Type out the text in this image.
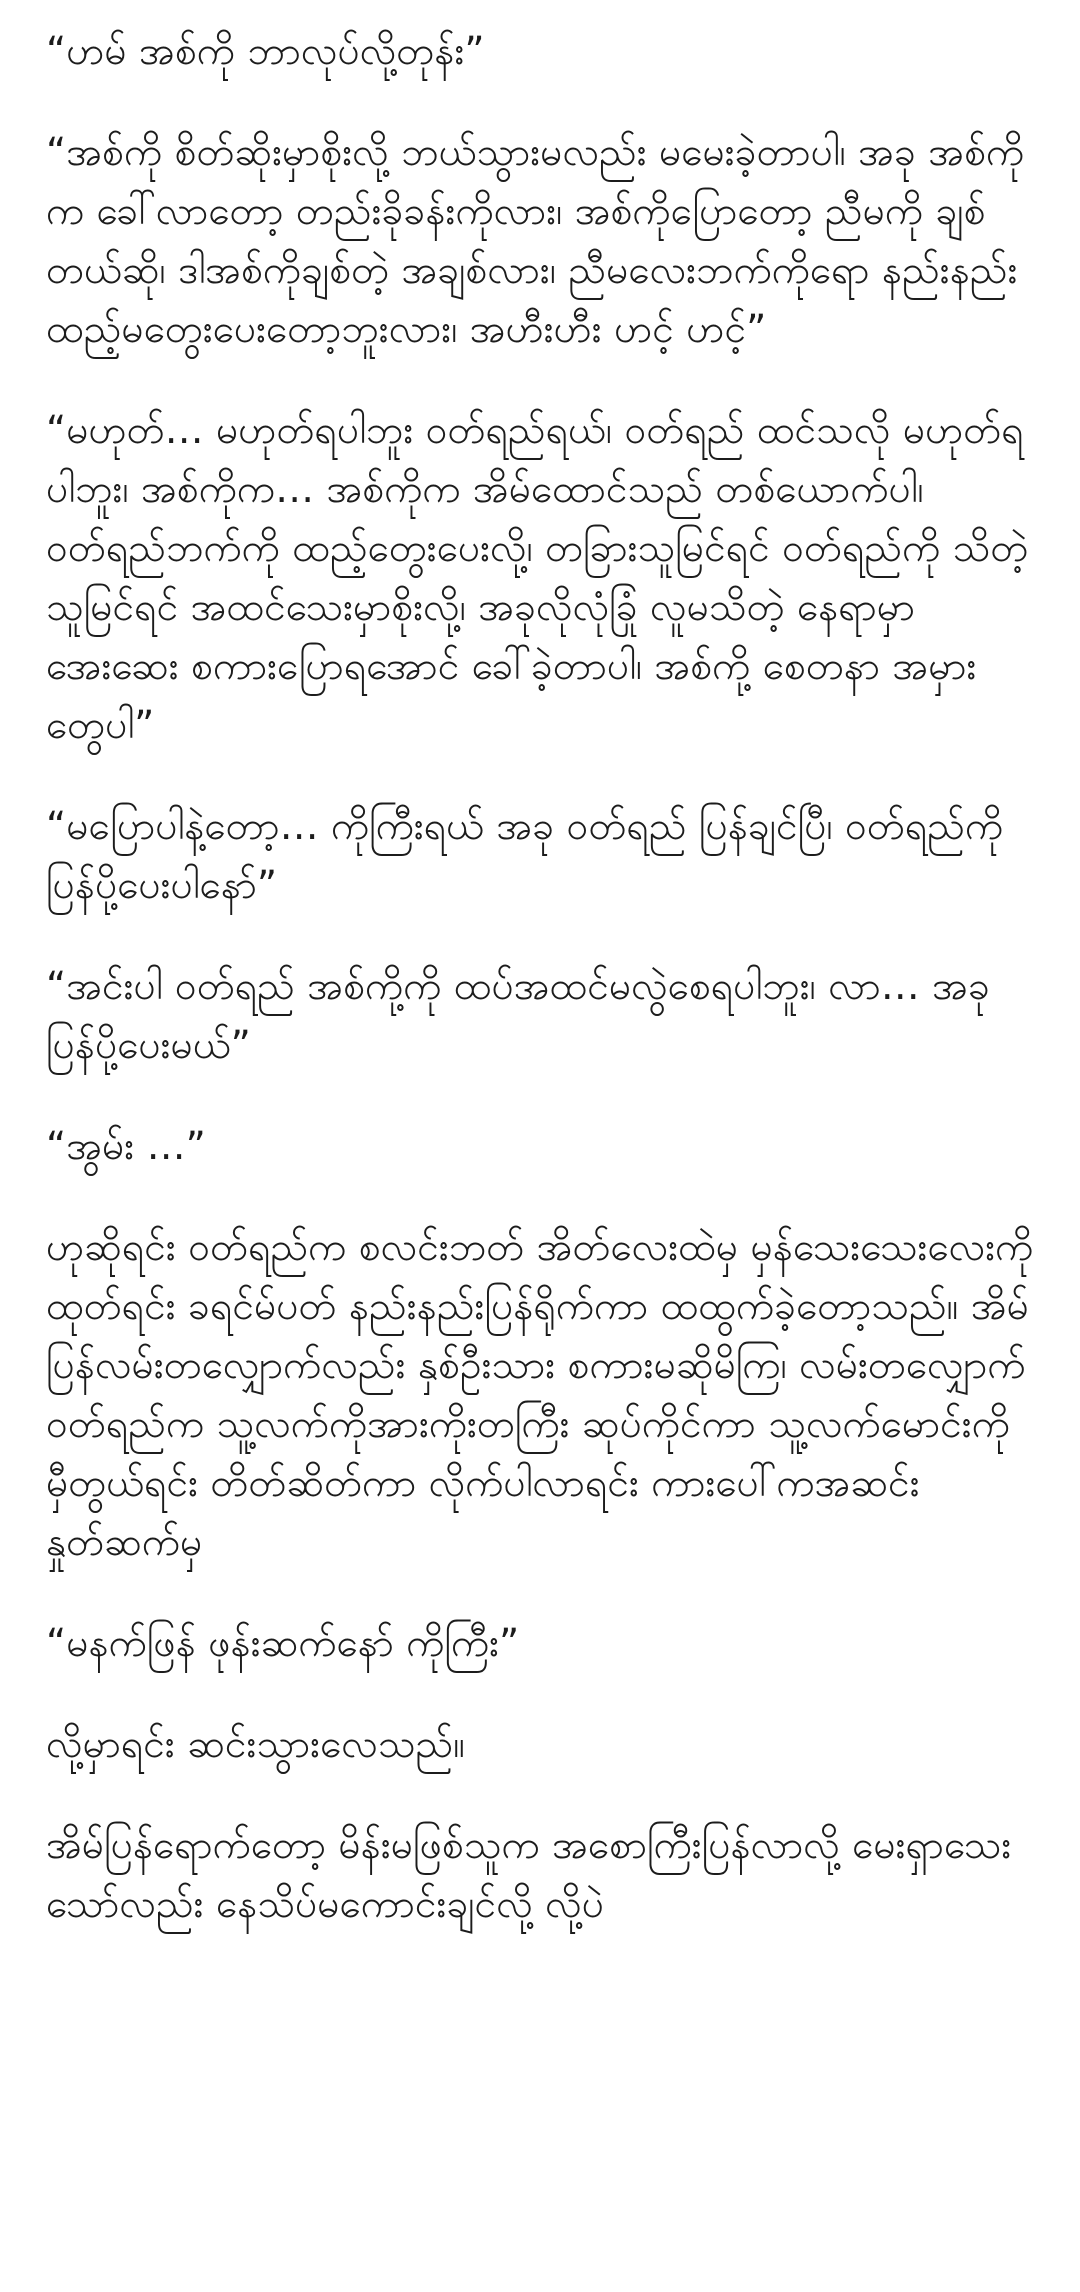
“ဟမ် အစ်ကို ဘာလုပ်လို့တုန်း”

“အစ်ကို စိတ်ဆိုးမှာစိုးလို့ ဘယ်သွားမလည်း မမေးခဲ့တာပါ၊ အခု အစ်ကိုက ခေါ်လာတော့ တည်းခိုခန်းကိုလား၊ အစ်ကိုပြောတော့ ညီမကို ချစ်တယ်ဆို၊ ဒါအစ်ကိုချစ်တဲ့ အချစ်လား၊ ညီမလေးဘက်ကိုရော နည်းနည်း ထည့်မတွေးပေးတော့ဘူးလား၊ အဟီးဟီး ဟင့် ဟင့်”

“မဟုတ်… မဟုတ်ရပါဘူး ဝတ်ရည်ရယ်၊ ဝတ်ရည် ထင်သလို မဟုတ်ရပါဘူး၊ အစ်ကိုက… အစ်ကိုက အိမ်ထောင်သည် တစ်ယောက်ပါ၊ ဝတ်ရည်ဘက်ကို ထည့်တွေးပေးလို့၊ တခြားသူမြင်ရင် ဝတ်ရည်ကို သိတဲ့သူမြင်ရင် အထင်သေးမှာစိုးလို့၊ အခုလိုလုံခြုံ လူမသိတဲ့ နေရာမှာ အေးဆေး စကားပြောရအောင် ခေါ်ခဲ့တာပါ၊ အစ်ကို့ စေတနာ အမှားတွေပါ”

“မပြောပါနဲ့တော့… ကိုကြီးရယ် အခု ဝတ်ရည် ပြန်ချင်ပြီ၊ ဝတ်ရည်ကို ပြန်ပို့ပေးပါနော်”

“အင်းပါ ဝတ်ရည် အစ်ကို့ကို ထပ်အထင်မလွဲစေရပါဘူး၊ လာ… အခုပြန်ပို့ပေးမယ်”

“အွမ်း …”

ဟုဆိုရင်း ဝတ်ရည်က စလင်းဘတ် အိတ်လေးထဲမှ မှန်သေးသေးလေးကိုထုတ်ရင်း ခရင်မ်ပတ် နည်းနည်းပြန်ရိုက်ကာ ထထွက်ခဲ့တော့သည်။ အိမ်ပြန်လမ်းတလျှောက်လည်း နှစ်ဦးသား စကားမဆိုမိကြ၊ လမ်းတလျှောက် ဝတ်ရည်က သူ့လက်ကိုအားကိုးတကြီး ဆုပ်ကိုင်ကာ သူ့လက်မောင်းကို မှီတွယ်ရင်း တိတ်ဆိတ်ကာ လိုက်ပါလာရင်း ကားပေါ်ကအဆင်း နှုတ်ဆက်မှ

“မနက်ဖြန် ဖုန်းဆက်နော် ကိုကြီး”

လို့မှာရင်း ဆင်းသွားလေသည်။

အိမ်ပြန်ရောက်တော့ မိန်းမဖြစ်သူက အစောကြီးပြန်လာလို့ မေးရှာသေးသော်လည်း နေသိပ်မကောင်းချင်လို့ လို့ပဲ
